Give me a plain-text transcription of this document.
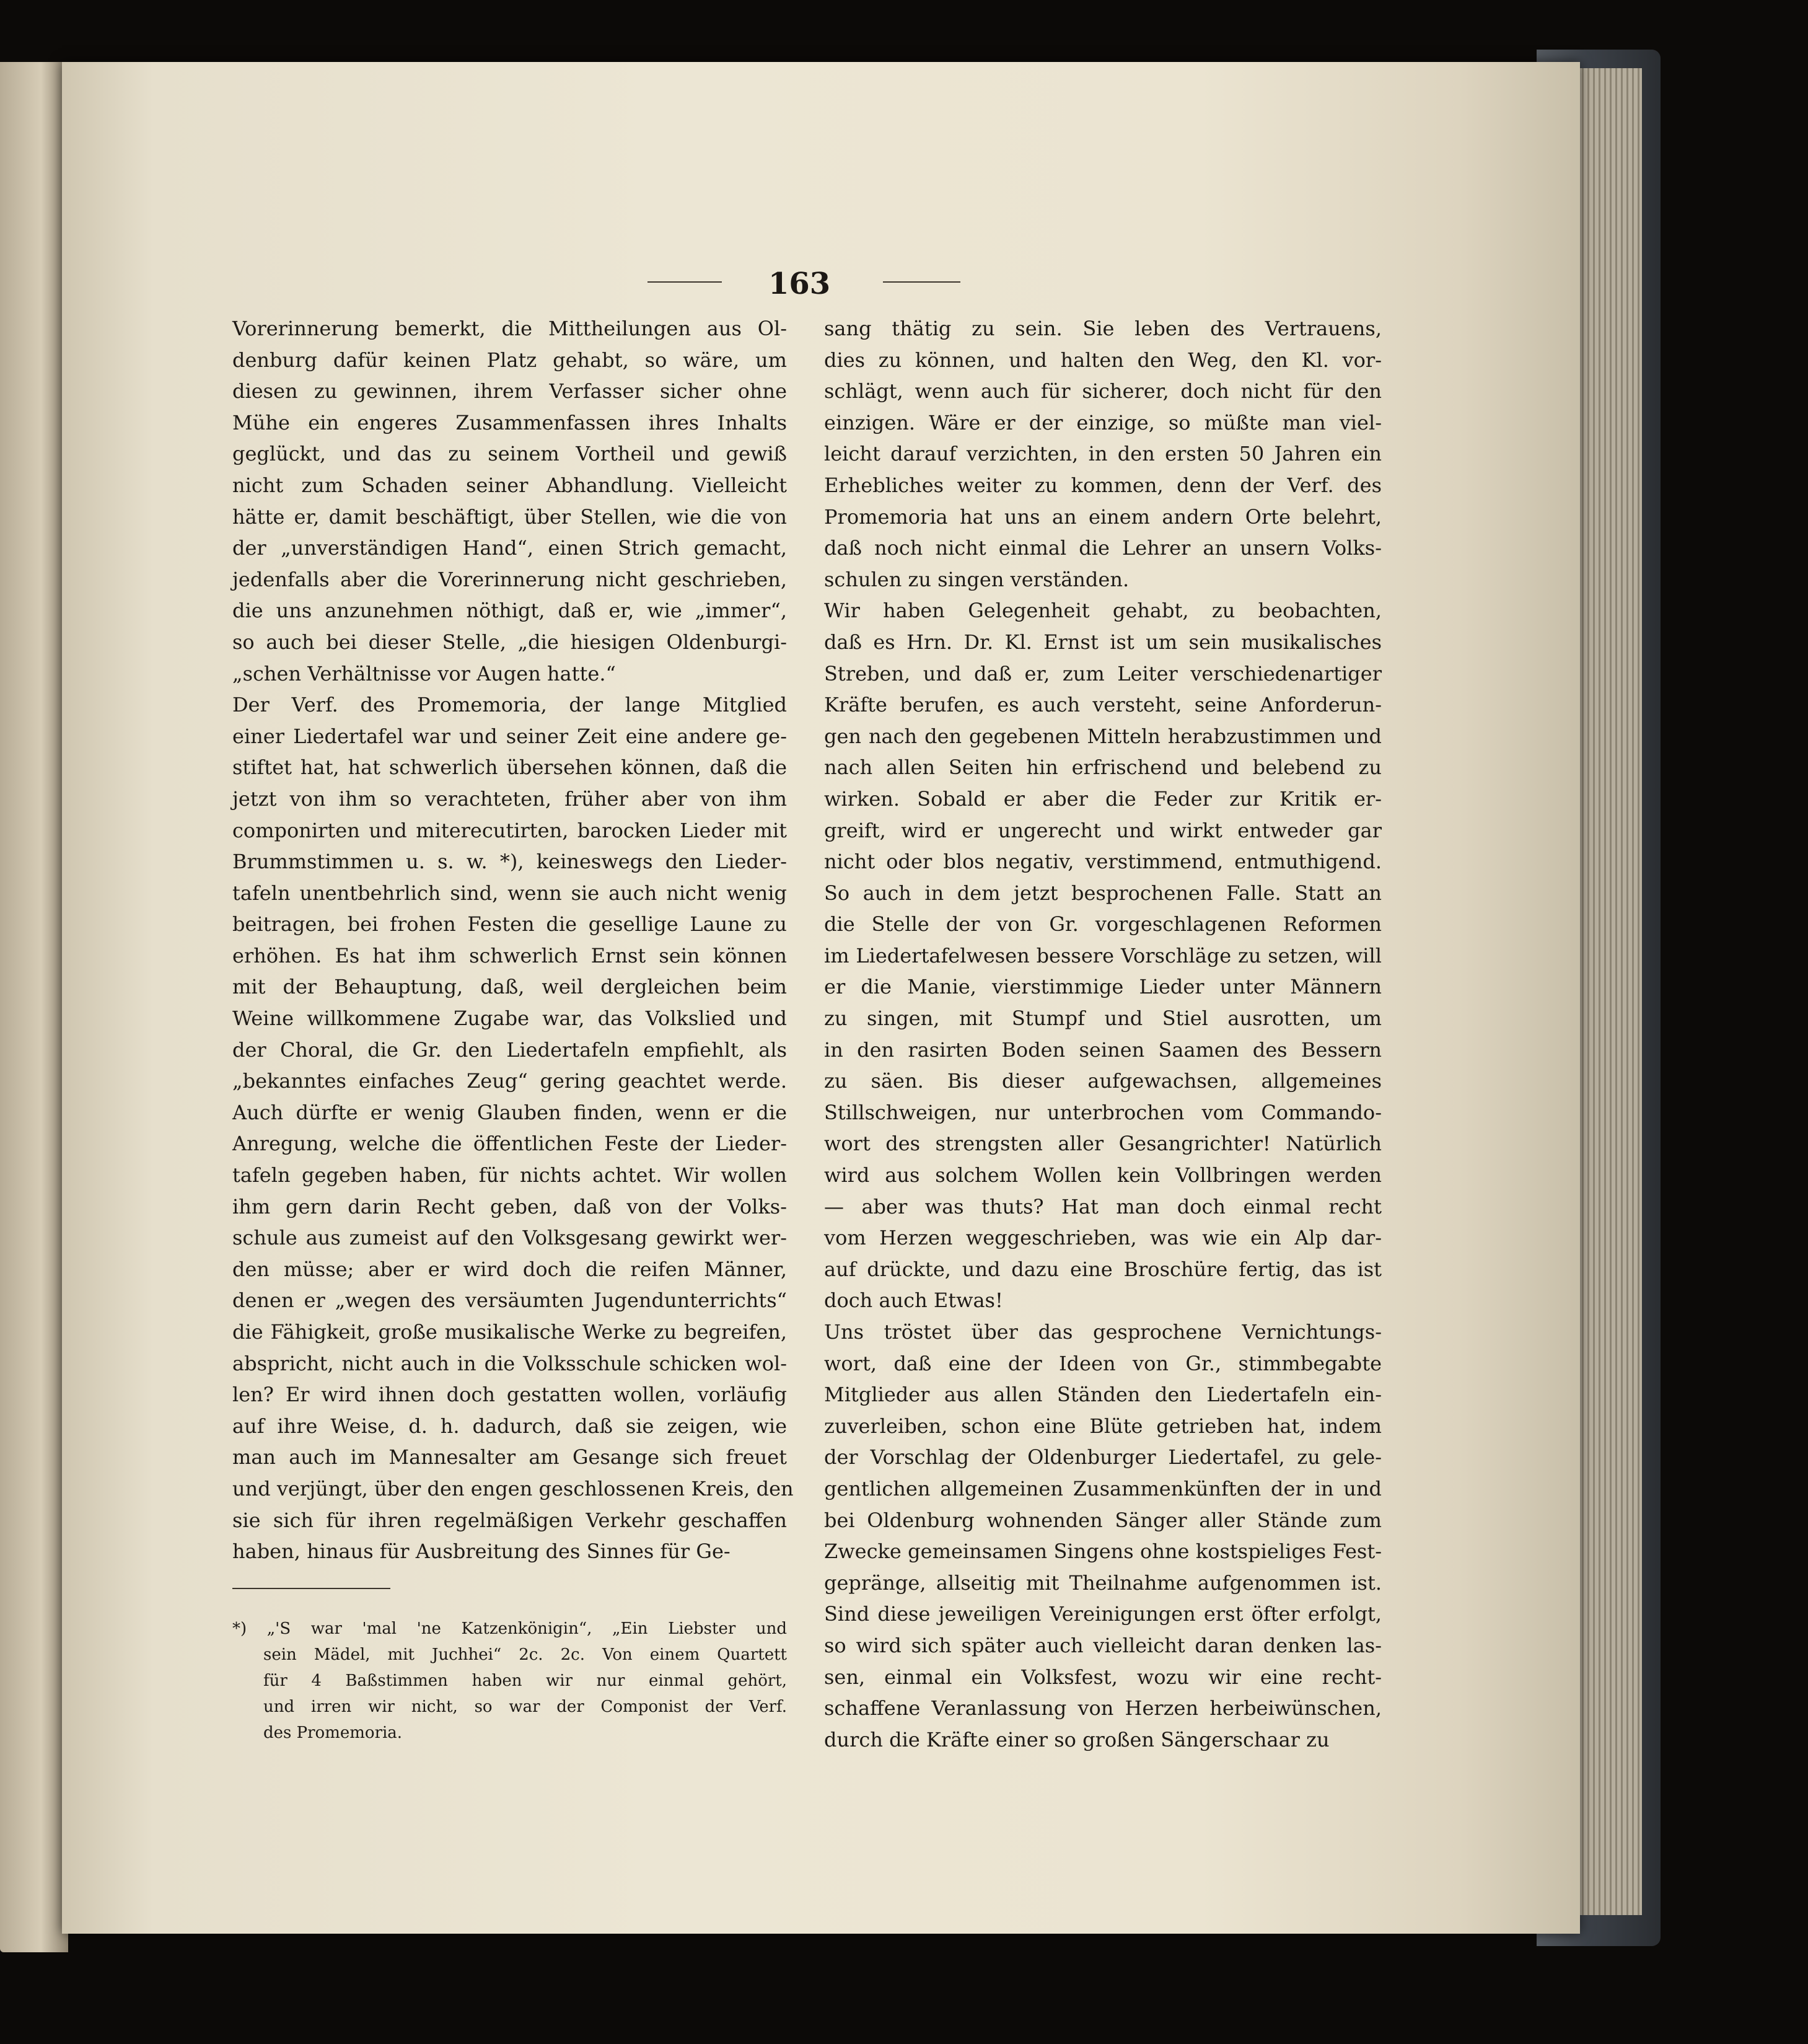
163
Vorerinnerung bemerkt, die Mittheilungen aus Ol-
denburg dafür keinen Platz gehabt, so wäre, um
diesen zu gewinnen, ihrem Verfasser sicher ohne
Mühe ein engeres Zusammenfassen ihres Inhalts
geglückt, und das zu seinem Vortheil und gewiß
nicht zum Schaden seiner Abhandlung. Vielleicht
hätte er, damit beschäftigt, über Stellen, wie die von
der „unverständigen Hand“, einen Strich gemacht,
jedenfalls aber die Vorerinnerung nicht geschrieben,
die uns anzunehmen nöthigt, daß er, wie „immer“,
so auch bei dieser Stelle, „die hiesigen Oldenburgi-
„schen Verhältnisse vor Augen hatte.“
Der Verf. des Promemoria, der lange Mitglied
einer Liedertafel war und seiner Zeit eine andere ge-
stiftet hat, hat schwerlich übersehen können, daß die
jetzt von ihm so verachteten, früher aber von ihm
componirten und miterecutirten, barocken Lieder mit
Brummstimmen u. s. w. *), keineswegs den Lieder-
tafeln unentbehrlich sind, wenn sie auch nicht wenig
beitragen, bei frohen Festen die gesellige Laune zu
erhöhen. Es hat ihm schwerlich Ernst sein können
mit der Behauptung, daß, weil dergleichen beim
Weine willkommene Zugabe war, das Volkslied und
der Choral, die Gr. den Liedertafeln empfiehlt, als
„bekanntes einfaches Zeug“ gering geachtet werde.
Auch dürfte er wenig Glauben finden, wenn er die
Anregung, welche die öffentlichen Feste der Lieder-
tafeln gegeben haben, für nichts achtet. Wir wollen
ihm gern darin Recht geben, daß von der Volks-
schule aus zumeist auf den Volksgesang gewirkt wer-
den müsse; aber er wird doch die reifen Männer,
denen er „wegen des versäumten Jugendunterrichts“
die Fähigkeit, große musikalische Werke zu begreifen,
abspricht, nicht auch in die Volksschule schicken wol-
len? Er wird ihnen doch gestatten wollen, vorläufig
auf ihre Weise, d. h. dadurch, daß sie zeigen, wie
man auch im Mannesalter am Gesange sich freuet
und verjüngt, über den engen geschlossenen Kreis, den
sie sich für ihren regelmäßigen Verkehr geschaffen
haben, hinaus für Ausbreitung des Sinnes für Ge-
*) „'S war 'mal 'ne Katzenkönigin“, „Ein Liebster und
sein Mädel, mit Juchhei“ 2c. 2c. Von einem Quartett
für 4 Baßstimmen haben wir nur einmal gehört,
und irren wir nicht, so war der Componist der Verf.
des Promemoria.
sang thätig zu sein. Sie leben des Vertrauens,
dies zu können, und halten den Weg, den Kl. vor-
schlägt, wenn auch für sicherer, doch nicht für den
einzigen. Wäre er der einzige, so müßte man viel-
leicht darauf verzichten, in den ersten 50 Jahren ein
Erhebliches weiter zu kommen, denn der Verf. des
Promemoria hat uns an einem andern Orte belehrt,
daß noch nicht einmal die Lehrer an unsern Volks-
schulen zu singen verständen.
Wir haben Gelegenheit gehabt, zu beobachten,
daß es Hrn. Dr. Kl. Ernst ist um sein musikalisches
Streben, und daß er, zum Leiter verschiedenartiger
Kräfte berufen, es auch versteht, seine Anforderun-
gen nach den gegebenen Mitteln herabzustimmen und
nach allen Seiten hin erfrischend und belebend zu
wirken. Sobald er aber die Feder zur Kritik er-
greift, wird er ungerecht und wirkt entweder gar
nicht oder blos negativ, verstimmend, entmuthigend.
So auch in dem jetzt besprochenen Falle. Statt an
die Stelle der von Gr. vorgeschlagenen Reformen
im Liedertafelwesen bessere Vorschläge zu setzen, will
er die Manie, vierstimmige Lieder unter Männern
zu singen, mit Stumpf und Stiel ausrotten, um
in den rasirten Boden seinen Saamen des Bessern
zu säen. Bis dieser aufgewachsen, allgemeines
Stillschweigen, nur unterbrochen vom Commando-
wort des strengsten aller Gesangrichter! Natürlich
wird aus solchem Wollen kein Vollbringen werden
— aber was thuts? Hat man doch einmal recht
vom Herzen weggeschrieben, was wie ein Alp dar-
auf drückte, und dazu eine Broschüre fertig, das ist
doch auch Etwas!
Uns tröstet über das gesprochene Vernichtungs-
wort, daß eine der Ideen von Gr., stimmbegabte
Mitglieder aus allen Ständen den Liedertafeln ein-
zuverleiben, schon eine Blüte getrieben hat, indem
der Vorschlag der Oldenburger Liedertafel, zu gele-
gentlichen allgemeinen Zusammenkünften der in und
bei Oldenburg wohnenden Sänger aller Stände zum
Zwecke gemeinsamen Singens ohne kostspieliges Fest-
gepränge, allseitig mit Theilnahme aufgenommen ist.
Sind diese jeweiligen Vereinigungen erst öfter erfolgt,
so wird sich später auch vielleicht daran denken las-
sen, einmal ein Volksfest, wozu wir eine recht-
schaffene Veranlassung von Herzen herbeiwünschen,
durch die Kräfte einer so großen Sängerschaar zu
